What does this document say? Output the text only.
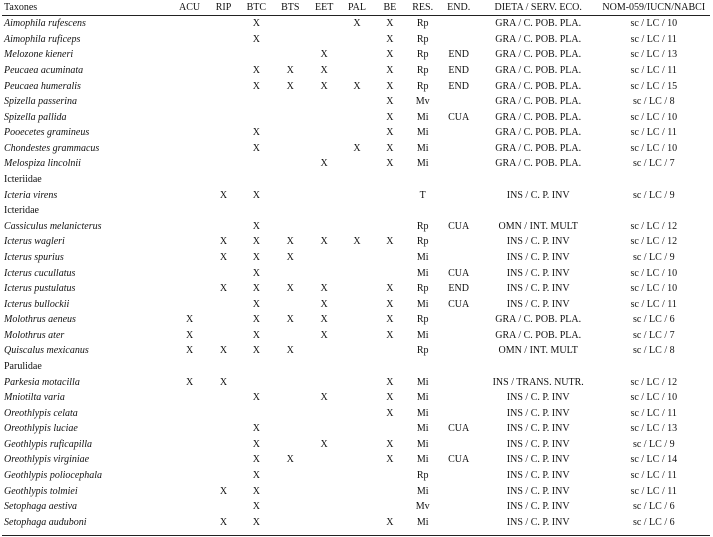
Taxones	ACU	RIP	BTC	BTS	EET	PAL	BE	RES.	END.	DIETA / SERV. ECO.	NOM-059/IUCN/NABCI
Aimophila rufescens			X			X	X	Rp		GRA / C. POB. PLA.	sc / LC / 10
Aimophila ruficeps			X				X	Rp		GRA / C. POB. PLA.	sc / LC / 11
Melozone kieneri					X		X	Rp	END	GRA / C. POB. PLA.	sc / LC / 13
Peucaea acuminata			X	X	X		X	Rp	END	GRA / C. POB. PLA.	sc / LC / 11
Peucaea humeralis			X	X	X	X	X	Rp	END	GRA / C. POB. PLA.	sc / LC / 15
Spizella passerina							X	Mv		GRA / C. POB. PLA.	sc / LC / 8
Spizella pallida							X	Mi	CUA	GRA / C. POB. PLA.	sc / LC / 10
Pooecetes gramineus			X				X	Mi		GRA / C. POB. PLA.	sc / LC / 11
Chondestes grammacus			X			X	X	Mi		GRA / C. POB. PLA.	sc / LC / 10
Melospiza lincolnii					X		X	Mi		GRA / C. POB. PLA.	sc / LC / 7
Icteriidae											
Icteria virens		X	X					T		INS / C. P. INV	sc / LC / 9
Icteridae											
Cassiculus melanicterus			X					Rp	CUA	OMN / INT. MULT	sc / LC / 12
Icterus wagleri		X	X	X	X	X	X	Rp		INS / C. P. INV	sc / LC / 12
Icterus spurius		X	X	X				Mi		INS / C. P. INV	sc / LC / 9
Icterus cucullatus			X					Mi	CUA	INS / C. P. INV	sc / LC / 10
Icterus pustulatus		X	X	X	X		X	Rp	END	INS / C. P. INV	sc / LC / 10
Icterus bullockii			X		X		X	Mi	CUA	INS / C. P. INV	sc / LC / 11
Molothrus aeneus	X		X	X	X		X	Rp		GRA / C. POB. PLA.	sc / LC / 6
Molothrus ater	X		X		X		X	Mi		GRA / C. POB. PLA.	sc / LC / 7
Quiscalus mexicanus	X	X	X	X				Rp		OMN / INT. MULT	sc / LC / 8
Parulidae											
Parkesia motacilla	X	X					X	Mi		INS / TRANS. NUTR.	sc / LC / 12
Mniotilta varia			X		X		X	Mi		INS / C. P. INV	sc / LC / 10
Oreothlypis celata							X	Mi		INS / C. P. INV	sc / LC / 11
Oreothlypis luciae			X					Mi	CUA	INS / C. P. INV	sc / LC / 13
Geothlypis ruficapilla			X		X		X	Mi		INS / C. P. INV	sc / LC / 9
Oreothlypis virginiae			X	X			X	Mi	CUA	INS / C. P. INV	sc / LC / 14
Geothlypis poliocephala			X					Rp		INS / C. P. INV	sc / LC / 11
Geothlypis tolmiei		X	X					Mi		INS / C. P. INV	sc / LC / 11
Setophaga aestiva			X					Mv		INS / C. P. INV	sc / LC / 6
Setophaga auduboni		X	X				X	Mi		INS / C. P. INV	sc / LC / 6
